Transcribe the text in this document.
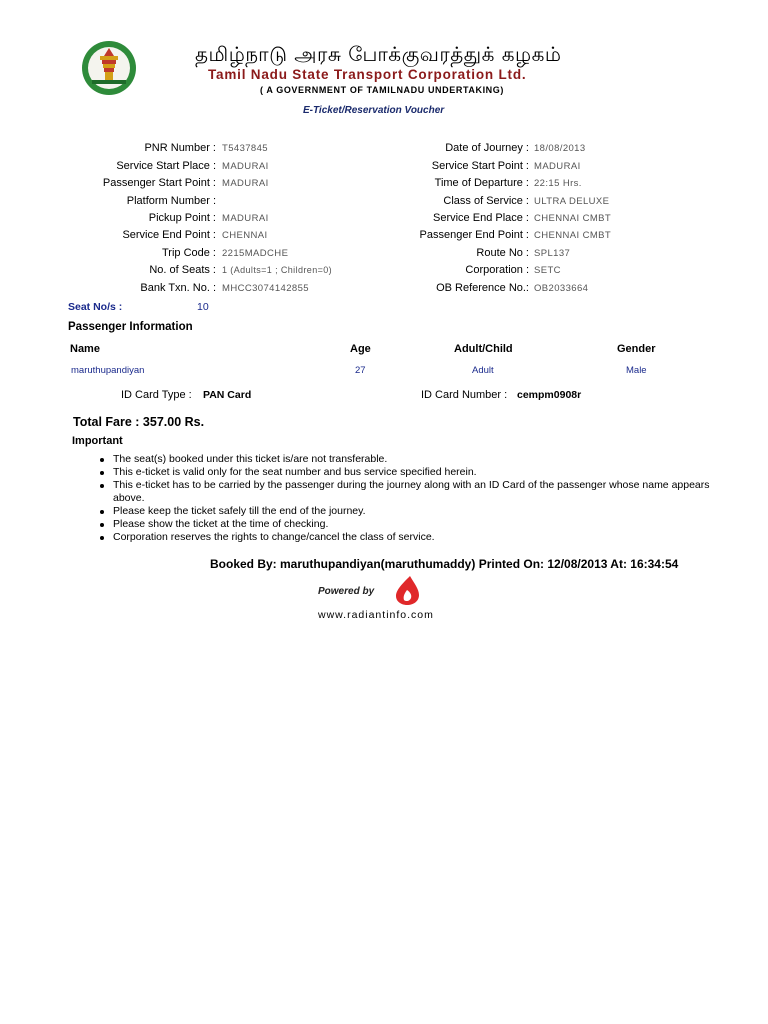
தமிழ்நாடு அரசு போக்குவரத்துக் கழகம்
Tamil Nadu State Transport Corporation Ltd.
( A GOVERNMENT OF TAMILNADU UNDERTAKING)
E-Ticket/Reservation Voucher
PNR Number : T5437845
Service Start Place : MADURAI
Passenger Start Point : MADURAI
Platform Number :
Pickup Point : MADURAI
Service End Point : CHENNAI
Trip Code : 2215MADCHE
No. of Seats : 1 (Adults=1 ; Children=0)
Bank Txn. No. : MHCC3074142855
Date of Journey : 18/08/2013
Service Start Point : MADURAI
Time of Departure : 22:15 Hrs.
Class of Service : ULTRA DELUXE
Service End Place : CHENNAI CMBT
Passenger End Point : CHENNAI CMBT
Route No : SPL137
Corporation : SETC
OB Reference No.: OB2033664
Seat No/s :	10
Passenger Information
Name	Age	Adult/Child	Gender
maruthupandiyan	27	Adult	Male
ID Card Type : PAN Card	ID Card Number : cempm0908r
Total Fare : 357.00 Rs.
Important
The seat(s) booked under this ticket is/are not transferable.
This e-ticket is valid only for the seat number and bus service specified herein.
This e-ticket has to be carried by the passenger during the journey along with an ID Card of the passenger whose name appears above.
Please keep the ticket safely till the end of the journey.
Please show the ticket at the time of checking.
Corporation reserves the rights to change/cancel the class of service.
Booked By: maruthupandiyan(maruthumaddy) Printed On: 12/08/2013 At: 16:34:54
Powered by
www.radiantinfo.com
